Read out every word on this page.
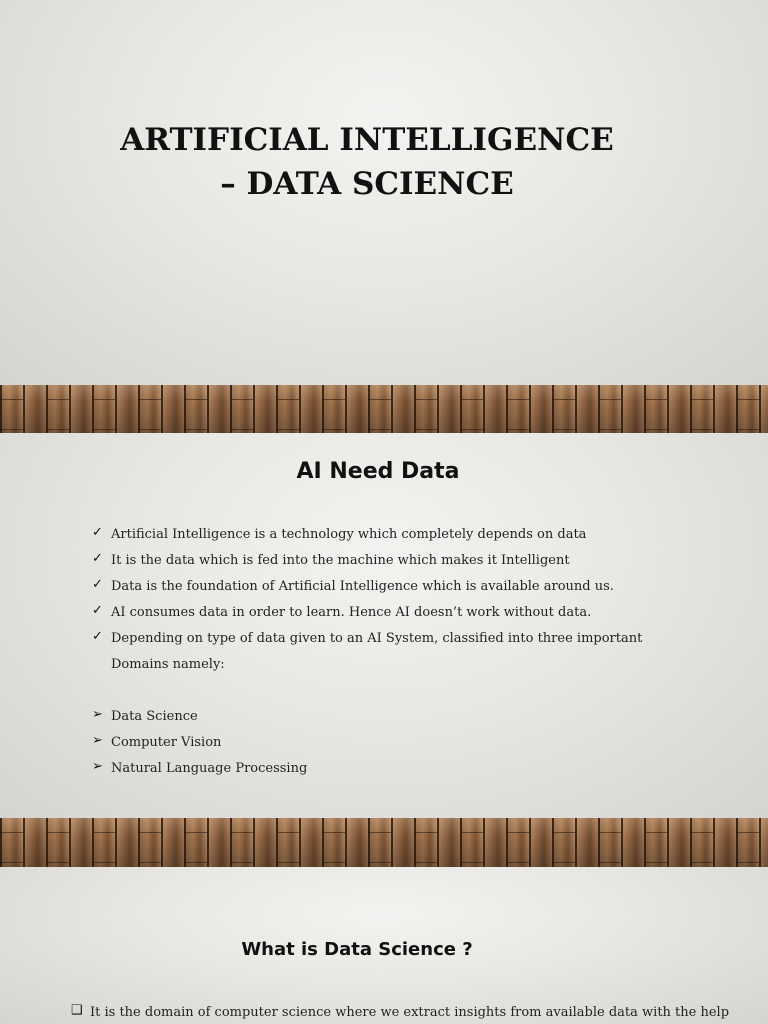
ARTIFICIAL INTELLIGENCE
– DATA SCIENCE
AI Need Data
✓ Artificial Intelligence is a technology which completely depends on data
✓ It is the data which is fed into the machine which makes it Intelligent
✓ Data is the foundation of Artificial Intelligence which is available around us.
✓ AI consumes data in order to learn. Hence AI doesn’t work without data.
✓ Depending on type of data given to an AI System, classified into three important Domains namely:
➢ Data Science
➢ Computer Vision
➢ Natural Language Processing
What is Data Science ?
❑ It is the domain of computer science where we extract insights from available data with the help
